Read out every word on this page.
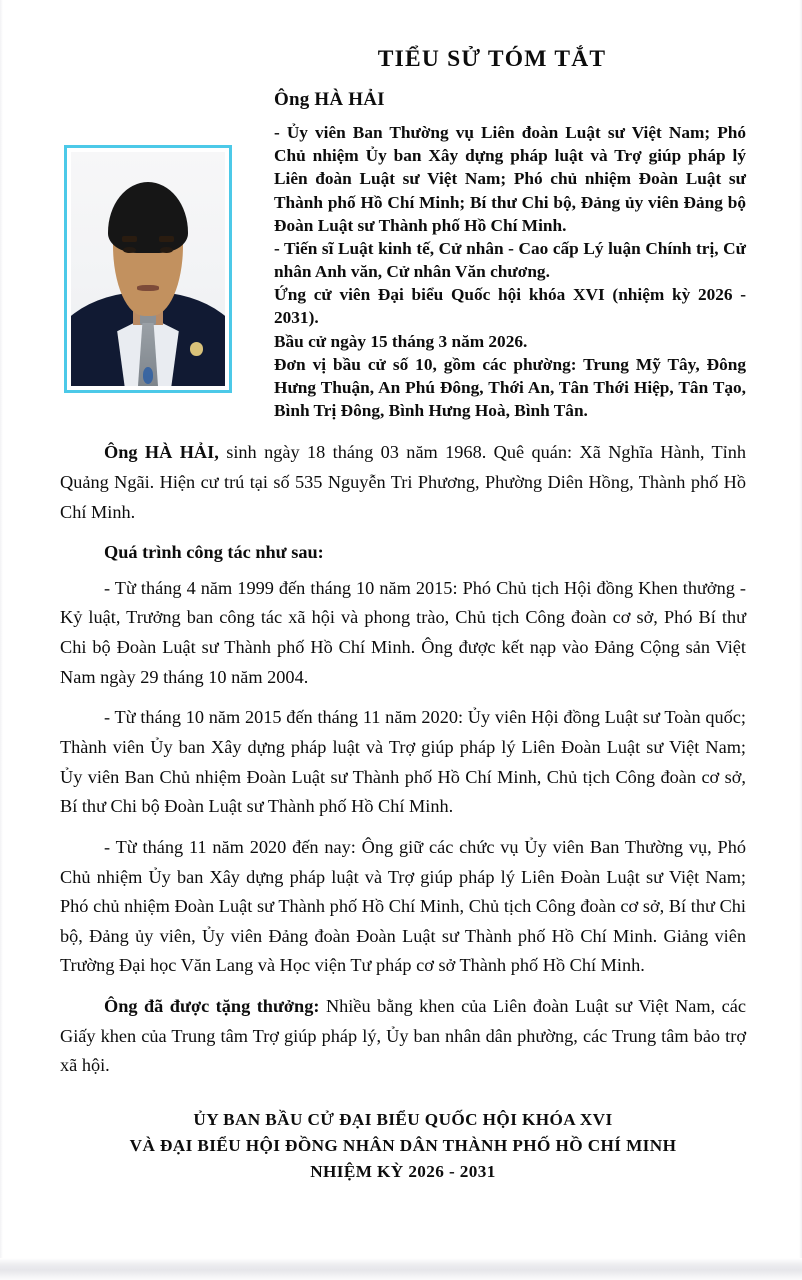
TIỂU SỬ TÓM TẮT
Ông HÀ HẢI

- Ủy viên Ban Thường vụ Liên đoàn Luật sư Việt Nam; Phó Chủ nhiệm Ủy ban Xây dựng pháp luật và Trợ giúp pháp lý Liên đoàn Luật sư Việt Nam; Phó chủ nhiệm Đoàn Luật sư Thành phố Hồ Chí Minh; Bí thư Chi bộ, Đảng ủy viên Đảng bộ Đoàn Luật sư Thành phố Hồ Chí Minh.

- Tiến sĩ Luật kinh tế, Cử nhân - Cao cấp Lý luận Chính trị, Cử nhân Anh văn, Cử nhân Văn chương.

Ứng cử viên Đại biểu Quốc hội khóa XVI (nhiệm kỳ 2026 - 2031).

Bầu cử ngày 15 tháng 3 năm 2026.

Đơn vị bầu cử số 10, gồm các phường: Trung Mỹ Tây, Đông Hưng Thuận, An Phú Đông, Thới An, Tân Thới Hiệp, Tân Tạo, Bình Trị Đông, Bình Hưng Hoà, Bình Tân.

Ông HÀ HẢI, sinh ngày 18 tháng 03 năm 1968. Quê quán: Xã Nghĩa Hành, Tỉnh Quảng Ngãi. Hiện cư trú tại số 535 Nguyễn Tri Phương, Phường Diên Hồng, Thành phố Hồ Chí Minh.

Quá trình công tác như sau:

- Từ tháng 4 năm 1999 đến tháng 10 năm 2015: Phó Chủ tịch Hội đồng Khen thưởng - Kỷ luật, Trưởng ban công tác xã hội và phong trào, Chủ tịch Công đoàn cơ sở, Phó Bí thư Chi bộ Đoàn Luật sư Thành phố Hồ Chí Minh. Ông được kết nạp vào Đảng Cộng sản Việt Nam ngày 29 tháng 10 năm 2004.

- Từ tháng 10 năm 2015 đến tháng 11 năm 2020: Ủy viên Hội đồng Luật sư Toàn quốc; Thành viên Ủy ban Xây dựng pháp luật và Trợ giúp pháp lý Liên Đoàn Luật sư Việt Nam; Ủy viên Ban Chủ nhiệm Đoàn Luật sư Thành phố Hồ Chí Minh, Chủ tịch Công đoàn cơ sở, Bí thư Chi bộ Đoàn Luật sư Thành phố Hồ Chí Minh.

- Từ tháng 11 năm 2020 đến nay: Ông giữ các chức vụ Ủy viên Ban Thường vụ, Phó Chủ nhiệm Ủy ban Xây dựng pháp luật và Trợ giúp pháp lý Liên Đoàn Luật sư Việt Nam; Phó chủ nhiệm Đoàn Luật sư Thành phố Hồ Chí Minh, Chủ tịch Công đoàn cơ sở, Bí thư Chi bộ, Đảng ủy viên, Ủy viên Đảng đoàn Đoàn Luật sư Thành phố Hồ Chí Minh. Giảng viên Trường Đại học Văn Lang và Học viện Tư pháp cơ sở Thành phố Hồ Chí Minh.

Ông đã được tặng thưởng: Nhiều bằng khen của Liên đoàn Luật sư Việt Nam, các Giấy khen của Trung tâm Trợ giúp pháp lý, Ủy ban nhân dân phường, các Trung tâm bảo trợ xã hội.

ỦY BAN BẦU CỬ ĐẠI BIỂU QUỐC HỘI KHÓA XVI
VÀ ĐẠI BIỂU HỘI ĐỒNG NHÂN DÂN THÀNH PHỐ HỒ CHÍ MINH
NHIỆM KỲ 2026 - 2031
